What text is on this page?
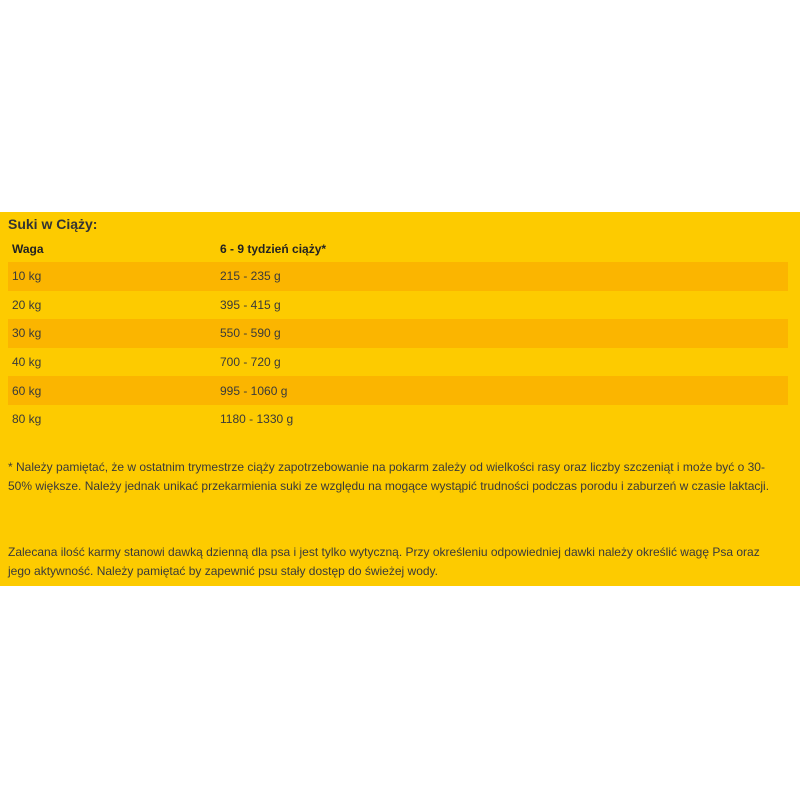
Suki w Ciąży:
Waga	6 - 9 tydzień ciąży*
10 kg	215 - 235 g
20 kg	395 - 415 g
30 kg	550 - 590 g
40 kg	700 - 720 g
60 kg	995 - 1060 g
80 kg	1180 - 1330 g

* Należy pamiętać, że w ostatnim trymestrze ciąży zapotrzebowanie na pokarm zależy od wielkości rasy oraz liczby szczeniąt i może być o 30-50% większe. Należy jednak unikać przekarmienia suki ze względu na mogące wystąpić trudności podczas porodu i zaburzeń w czasie laktacji.

Zalecana ilość karmy stanowi dawką dzienną dla psa i jest tylko wytyczną. Przy określeniu odpowiedniej dawki należy określić wagę Psa oraz jego aktywność. Należy pamiętać by zapewnić psu stały dostęp do świeżej wody.
